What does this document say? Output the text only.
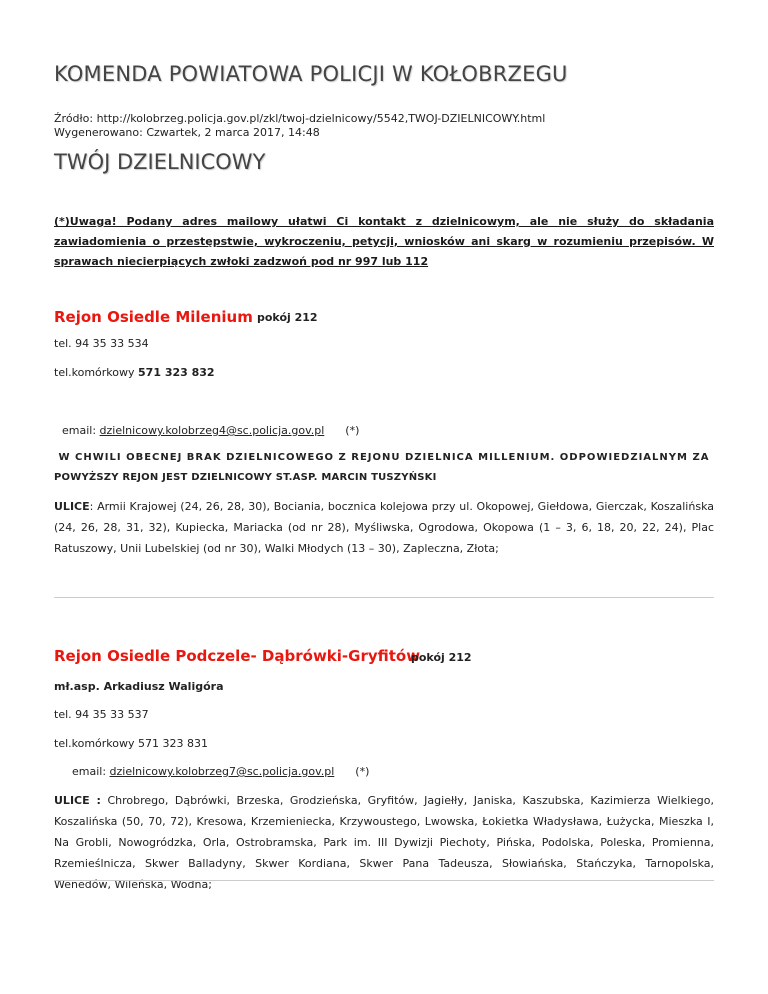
KOMENDA POWIATOWA POLICJI W KOŁOBRZEGU
Źródło: http://kolobrzeg.policja.gov.pl/zkl/twoj-dzielnicowy/5542,TWOJ-DZIELNICOWY.html
Wygenerowano: Czwartek, 2 marca 2017, 14:48
TWÓJ DZIELNICOWY
(*)Uwaga! Podany adres mailowy ułatwi Ci kontakt z dzielnicowym, ale nie służy do składania zawiadomienia o przestępstwie, wykroczeniu, petycji, wniosków ani skarg w rozumieniu przepisów. W sprawach niecierpiących zwłoki zadzwoń pod nr 997 lub 112
Rejon Osiedle Milenium pokój 212
tel. 94 35 33 534
tel.komórkowy 571 323 832
email: dzielnicowy.kolobrzeg4@sc.policja.gov.pl (*)
W CHWILI OBECNEJ BRAK DZIELNICOWEGO Z REJONU DZIELNICA MILLENIUM. ODPOWIEDZIALNYM ZA
POWYŻSZY REJON JEST DZIELNICOWY ST.ASP. MARCIN TUSZYŃSKI
ULICE: Armii Krajowej (24, 26, 28, 30), Bociania, bocznica kolejowa przy ul. Okopowej, Giełdowa, Gierczak, Koszalińska (24, 26, 28, 31, 32), Kupiecka, Mariacka (od nr 28), Myśliwska, Ogrodowa, Okopowa (1 – 3, 6, 18, 20, 22, 24), Plac Ratuszowy, Unii Lubelskiej (od nr 30), Walki Młodych (13 – 30), Zapleczna, Złota;
Rejon Osiedle Podczele- Dąbrówki-Gryfitów
pokój 212
mł.asp. Arkadiusz Waligóra
tel. 94 35 33 537
tel.komórkowy 571 323 831
email: dzielnicowy.kolobrzeg7@sc.policja.gov.pl (*)
ULICE : Chrobrego, Dąbrówki, Brzeska, Grodzieńska, Gryfitów, Jagiełły, Janiska, Kaszubska, Kazimierza Wielkiego, Koszalińska (50, 70, 72), Kresowa, Krzemieniecka, Krzywoustego, Lwowska, Łokietka Władysława, Łużycka, Mieszka I, Na Grobli, Nowogródzka, Orla, Ostrobramska, Park im. III Dywizji Piechoty, Pińska, Podolska, Poleska, Promienna, Rzemieślnicza, Skwer Balladyny, Skwer Kordiana, Skwer Pana Tadeusza, Słowiańska, Stańczyka, Tarnopolska, Wenedów, Wileńska, Wodna;
